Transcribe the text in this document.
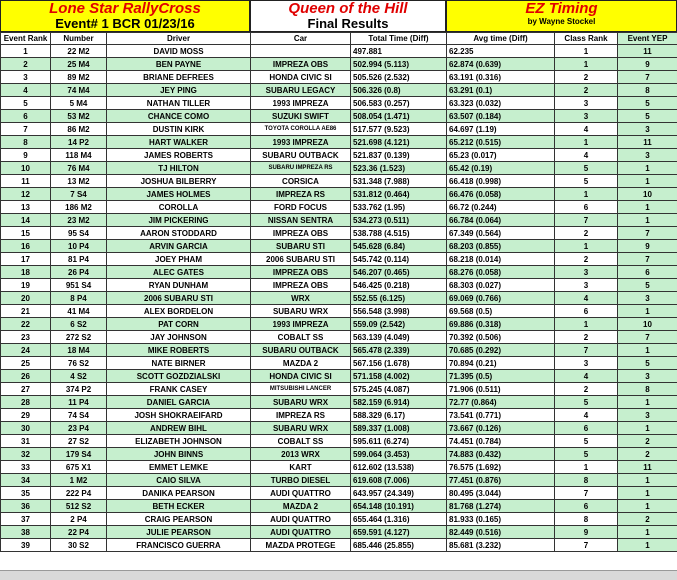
Lone Star RallyCross
Event# 1 BCR 01/23/16
Queen of the Hill
Final Results
EZ Timing
by Wayne Stockel
Event Rank	Number	Driver	Car	Total Time (Diff)	Avg time (Diff)	Class Rank	Event YEP
1	22 M2	DAVID MOSS		497.881	62.235	1	11
2	25 M4	BEN PAYNE	IMPREZA OBS	502.994 (5.113)	62.874 (0.639)	1	9
3	89 M2	BRIANE DEFREES	HONDA CIVIC SI	505.526 (2.532)	63.191 (0.316)	2	7
4	74 M4	JEY PING	SUBARU LEGACY	506.326 (0.8)	63.291 (0.1)	2	8
5	5 M4	NATHAN TILLER	1993 IMPREZA	506.583 (0.257)	63.323 (0.032)	3	5
6	53 M2	CHANCE COMO	SUZUKI SWIFT	508.054 (1.471)	63.507 (0.184)	3	5
7	86 M2	DUSTIN KIRK	TOYOTA COROLLA AE86	517.577 (9.523)	64.697 (1.19)	4	3
8	14 P2	HART WALKER	1993 IMPREZA	521.698 (4.121)	65.212 (0.515)	1	11
9	118 M4	JAMES ROBERTS	SUBARU OUTBACK	521.837 (0.139)	65.23 (0.017)	4	3
10	76 M4	TJ HILTON	SUBARU IMPREZA RS	523.36 (1.523)	65.42 (0.19)	5	1
11	13 M2	JOSHUA BILBERRY	CORSICA	531.348 (7.988)	66.418 (0.998)	5	1
12	7 S4	JAMES HOLMES	IMPREZA RS	531.812 (0.464)	66.476 (0.058)	1	10
13	186 M2	COROLLA	FORD FOCUS	533.762 (1.95)	66.72 (0.244)	6	1
14	23 M2	JIM PICKERING	NISSAN SENTRA	534.273 (0.511)	66.784 (0.064)	7	1
15	95 S4	AARON STODDARD	IMPREZA OBS	538.788 (4.515)	67.349 (0.564)	2	7
16	10 P4	ARVIN GARCIA	SUBARU STI	545.628 (6.84)	68.203 (0.855)	1	9
17	81 P4	JOEY PHAM	2006 SUBARU STI	545.742 (0.114)	68.218 (0.014)	2	7
18	26 P4	ALEC GATES	IMPREZA OBS	546.207 (0.465)	68.276 (0.058)	3	6
19	951 S4	RYAN DUNHAM	IMPREZA OBS	546.425 (0.218)	68.303 (0.027)	3	5
20	8 P4	2006 SUBARU STI	WRX	552.55 (6.125)	69.069 (0.766)	4	3
21	41 M4	ALEX BORDELON	SUBARU WRX	556.548 (3.998)	69.568 (0.5)	6	1
22	6 S2	PAT CORN	1993 IMPREZA	559.09 (2.542)	69.886 (0.318)	1	10
23	272 S2	JAY JOHNSON	COBALT SS	563.139 (4.049)	70.392 (0.506)	2	7
24	18 M4	MIKE ROBERTS	SUBARU OUTBACK	565.478 (2.339)	70.685 (0.292)	7	1
25	76 S2	NATE BIRNER	MAZDA 2	567.156 (1.678)	70.894 (0.21)	3	5
26	4 S2	SCOTT GOZDZIALSKI	HONDA CIVIC SI	571.158 (4.002)	71.395 (0.5)	4	3
27	374 P2	FRANK CASEY	MITSUBISHI LANCER	575.245 (4.087)	71.906 (0.511)	2	8
28	11 P4	DANIEL GARCIA	SUBARU WRX	582.159 (6.914)	72.77 (0.864)	5	1
29	74 S4	JOSH SHOKRAEIFARD	IMPREZA RS	588.329 (6.17)	73.541 (0.771)	4	3
30	23 P4	ANDREW BIHL	SUBARU WRX	589.337 (1.008)	73.667 (0.126)	6	1
31	27 S2	ELIZABETH JOHNSON	COBALT SS	595.611 (6.274)	74.451 (0.784)	5	2
32	179 S4	JOHN BINNS	2013 WRX	599.064 (3.453)	74.883 (0.432)	5	2
33	675 X1	EMMET LEMKE	KART	612.602 (13.538)	76.575 (1.692)	1	11
34	1 M2	CAIO SILVA	TURBO DIESEL	619.608 (7.006)	77.451 (0.876)	8	1
35	222 P4	DANIKA PEARSON	AUDI QUATTRO	643.957 (24.349)	80.495 (3.044)	7	1
36	512 S2	BETH ECKER	MAZDA 2	654.148 (10.191)	81.768 (1.274)	6	1
37	2 P4	CRAIG PEARSON	AUDI QUATTRO	655.464 (1.316)	81.933 (0.165)	8	2
38	22 P4	JULIE PEARSON	AUDI QUATTRO	659.591 (4.127)	82.449 (0.516)	9	1
39	30 S2	FRANCISCO GUERRA	MAZDA PROTEGE	685.446 (25.855)	85.681 (3.232)	7	1
